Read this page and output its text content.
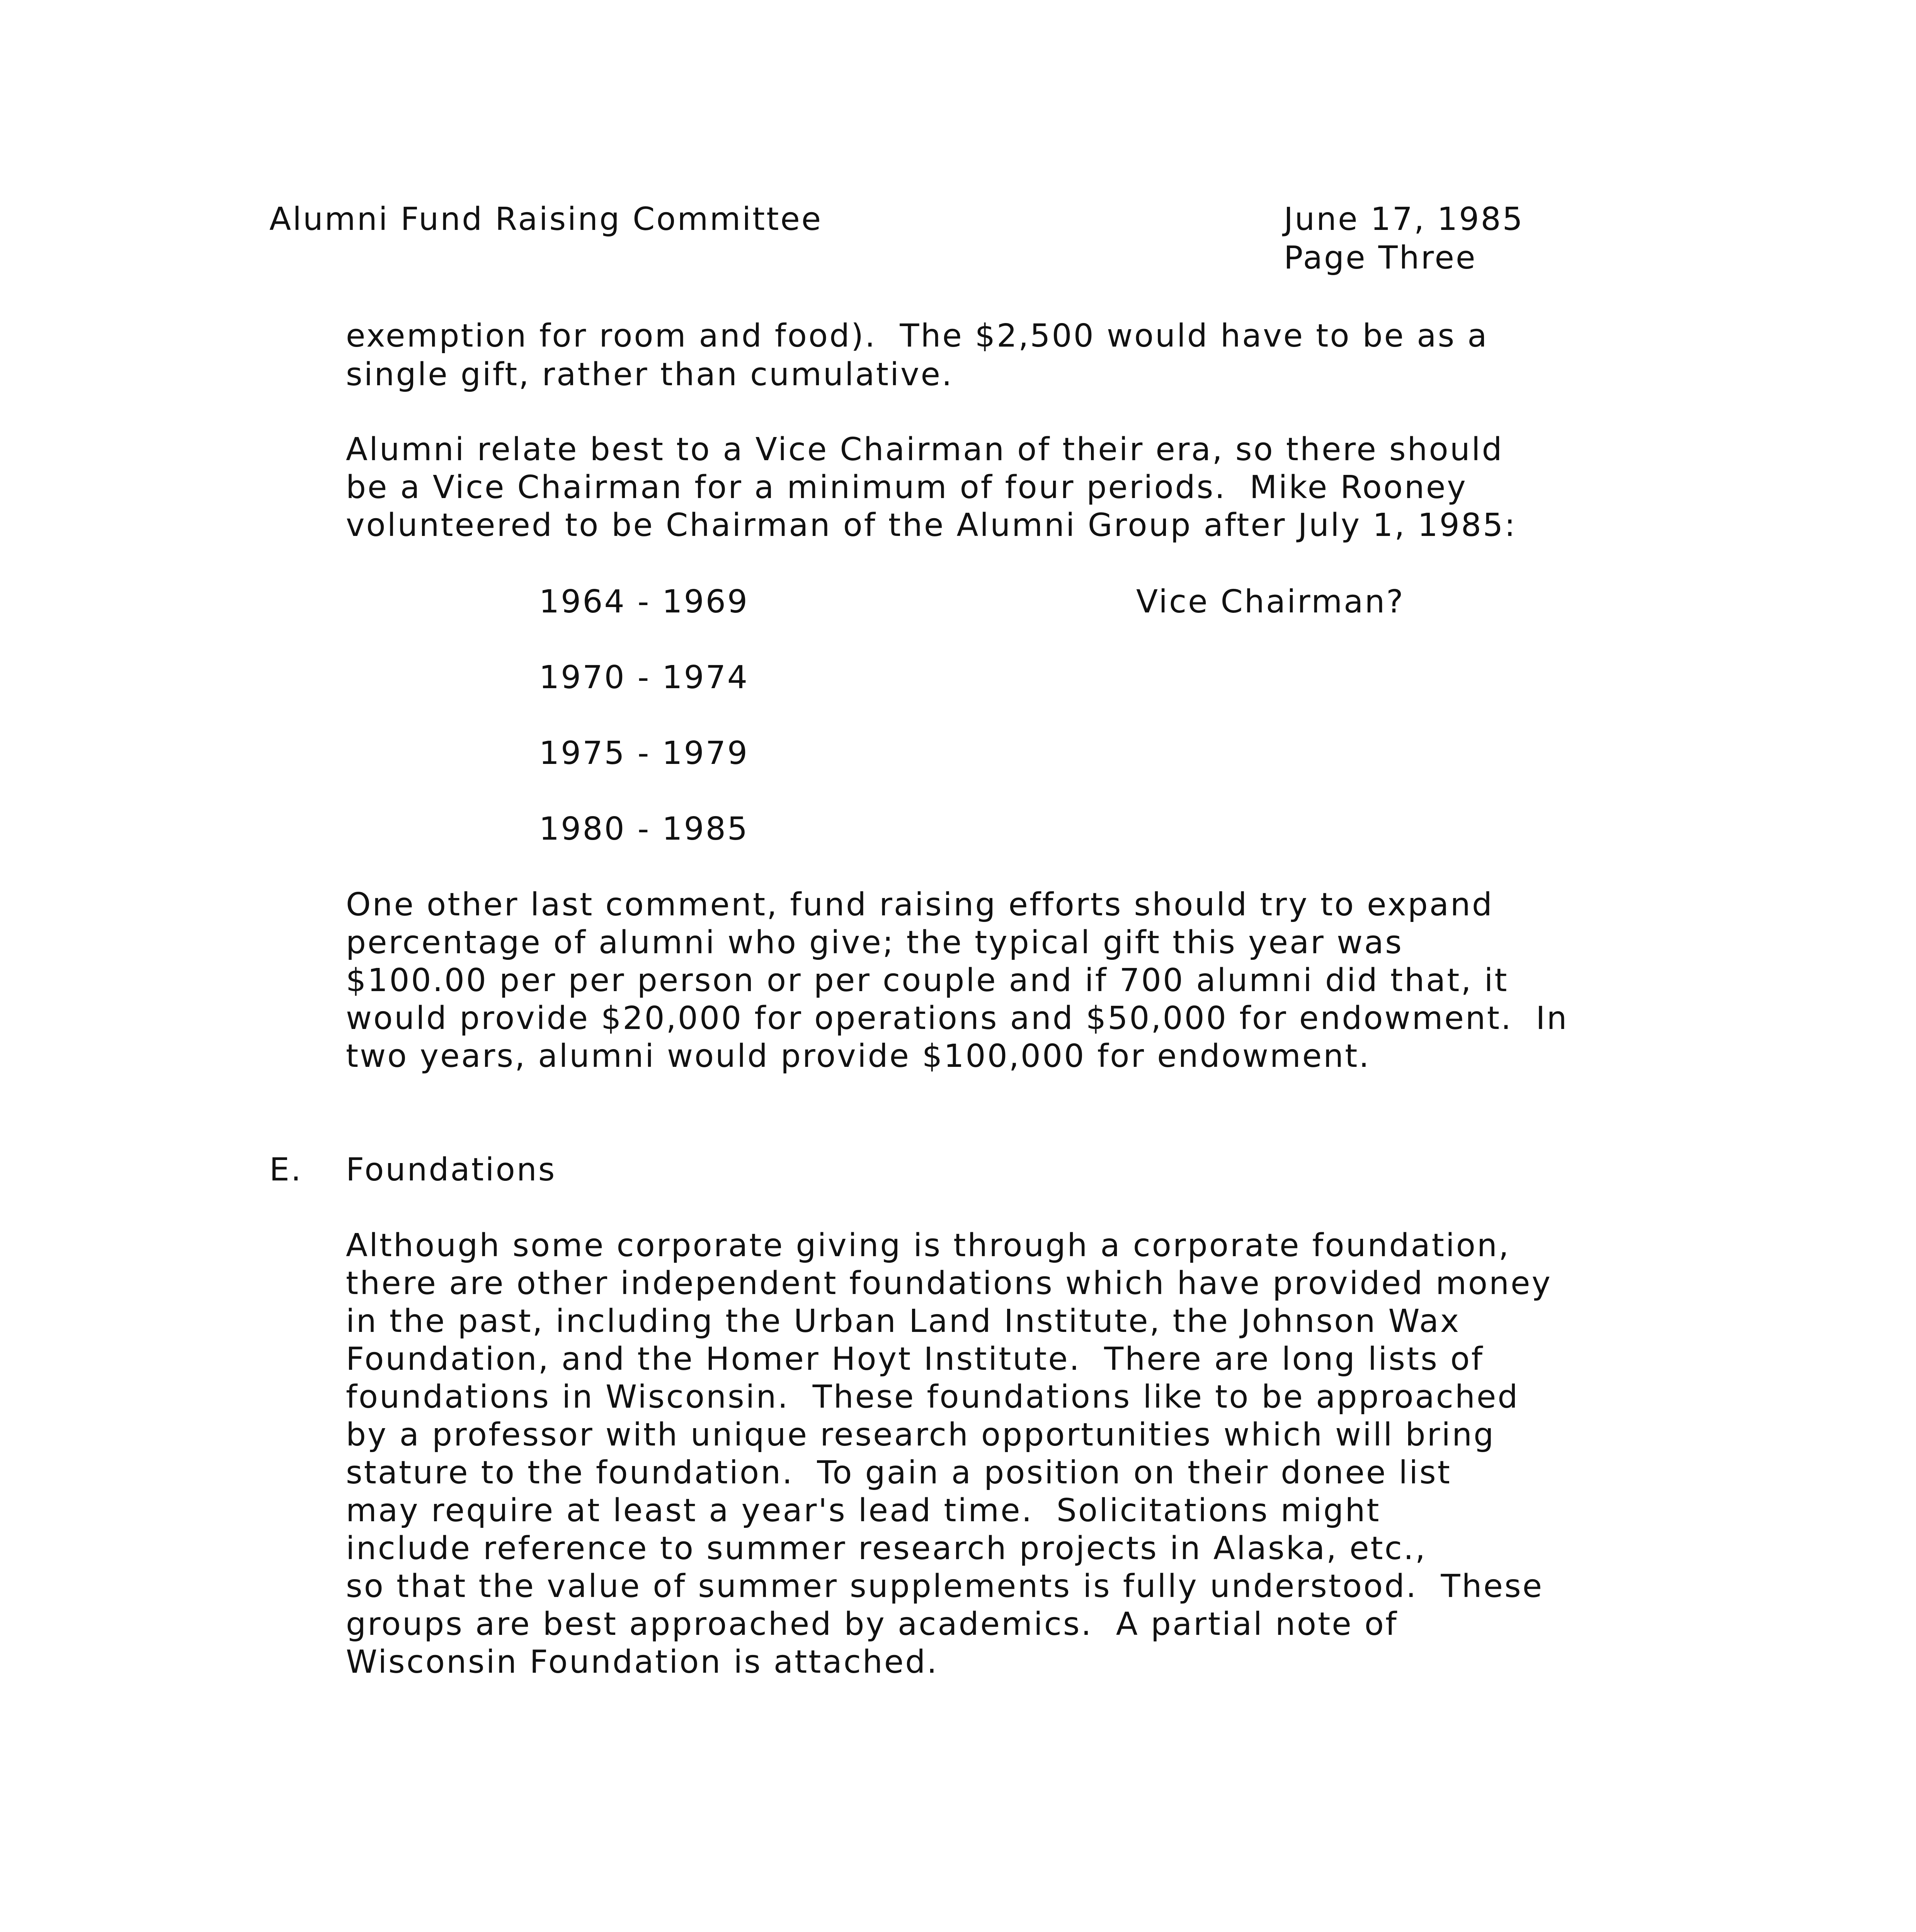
Alumni Fund Raising Committee	June 17, 1985
Page Three
exemption for room and food).  The $2,500 would have to be as a
single gift, rather than cumulative.
Alumni relate best to a Vice Chairman of their era, so there should
be a Vice Chairman for a minimum of four periods.  Mike Rooney
volunteered to be Chairman of the Alumni Group after July 1, 1985:
1964 - 1969	Vice Chairman?
1970 - 1974
1975 - 1979
1980 - 1985
One other last comment, fund raising efforts should try to expand
percentage of alumni who give; the typical gift this year was
$100.00 per per person or per couple and if 700 alumni did that, it
would provide $20,000 for operations and $50,000 for endowment.  In
two years, alumni would provide $100,000 for endowment.
E. Foundations
Although some corporate giving is through a corporate foundation,
there are other independent foundations which have provided money
in the past, including the Urban Land Institute, the Johnson Wax
Foundation, and the Homer Hoyt Institute.  There are long lists of
foundations in Wisconsin.  These foundations like to be approached
by a professor with unique research opportunities which will bring
stature to the foundation.  To gain a position on their donee list
may require at least a year's lead time.  Solicitations might
include reference to summer research projects in Alaska, etc.,
so that the value of summer supplements is fully understood.  These
groups are best approached by academics.  A partial note of
Wisconsin Foundation is attached.
